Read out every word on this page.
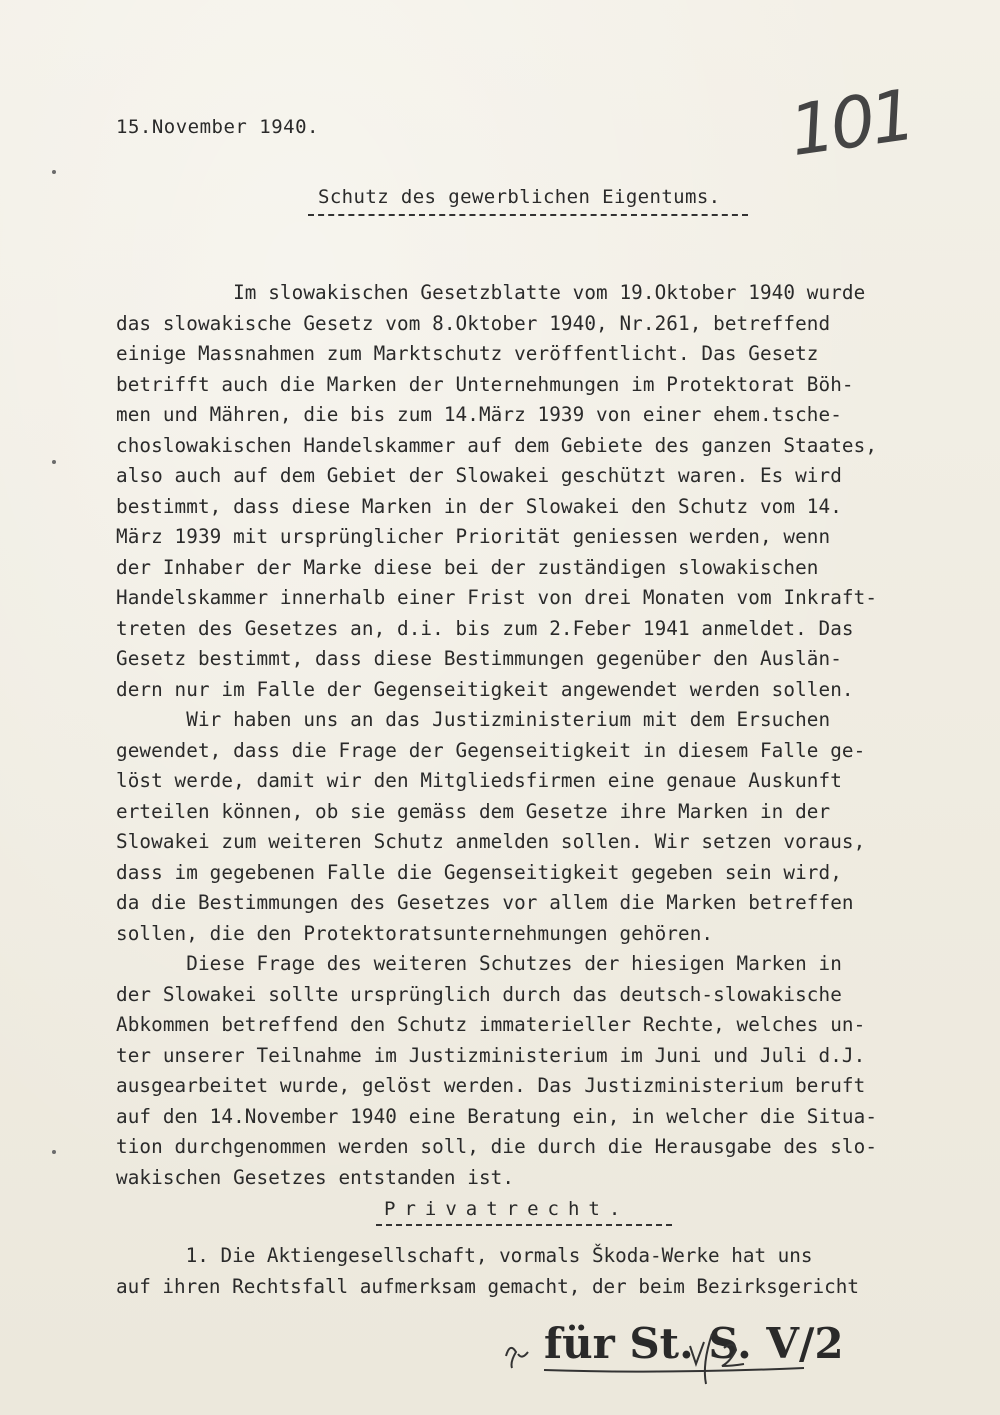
15.November 1940.	101
Schutz des gewerblichen Eigentums.
Im slowakischen Gesetzblatte vom 19.Oktober 1940 wurde
das slowakische Gesetz vom 8.Oktober 1940, Nr.261, betreffend
einige Massnahmen zum Marktschutz veröffentlicht. Das Gesetz
betrifft auch die Marken der Unternehmungen im Protektorat Böh-
men und Mähren, die bis zum 14.März 1939 von einer ehem.tsche-
choslowakischen Handelskammer auf dem Gebiete des ganzen Staates,
also auch auf dem Gebiet der Slowakei geschützt waren. Es wird
bestimmt, dass diese Marken in der Slowakei den Schutz vom 14.
März 1939 mit ursprünglicher Priorität geniessen werden, wenn
der Inhaber der Marke diese bei der zuständigen slowakischen
Handelskammer innerhalb einer Frist von drei Monaten vom Inkraft-
treten des Gesetzes an, d.i. bis zum 2.Feber 1941 anmeldet. Das
Gesetz bestimmt, dass diese Bestimmungen gegenüber den Auslän-
dern nur im Falle der Gegenseitigkeit angewendet werden sollen.
Wir haben uns an das Justizministerium mit dem Ersuchen
gewendet, dass die Frage der Gegenseitigkeit in diesem Falle ge-
löst werde, damit wir den Mitgliedsfirmen eine genaue Auskunft
erteilen können, ob sie gemäss dem Gesetze ihre Marken in der
Slowakei zum weiteren Schutz anmelden sollen. Wir setzen voraus,
dass im gegebenen Falle die Gegenseitigkeit gegeben sein wird,
da die Bestimmungen des Gesetzes vor allem die Marken betreffen
sollen, die den Protektoratsunternehmungen gehören.
Diese Frage des weiteren Schutzes der hiesigen Marken in
der Slowakei sollte ursprünglich durch das deutsch-slowakische
Abkommen betreffend den Schutz immaterieller Rechte, welches un-
ter unserer Teilnahme im Justizministerium im Juni und Juli d.J.
ausgearbeitet wurde, gelöst werden. Das Justizministerium beruft
auf den 14.November 1940 eine Beratung ein, in welcher die Situa-
tion durchgenommen werden soll, die durch die Herausgabe des slo-
wakischen Gesetzes entstanden ist.
Privatrecht.
1. Die Aktiengesellschaft, vormals Škoda-Werke hat uns
auf ihren Rechtsfall aufmerksam gemacht, der beim Bezirksgericht
für St. S. V/2
